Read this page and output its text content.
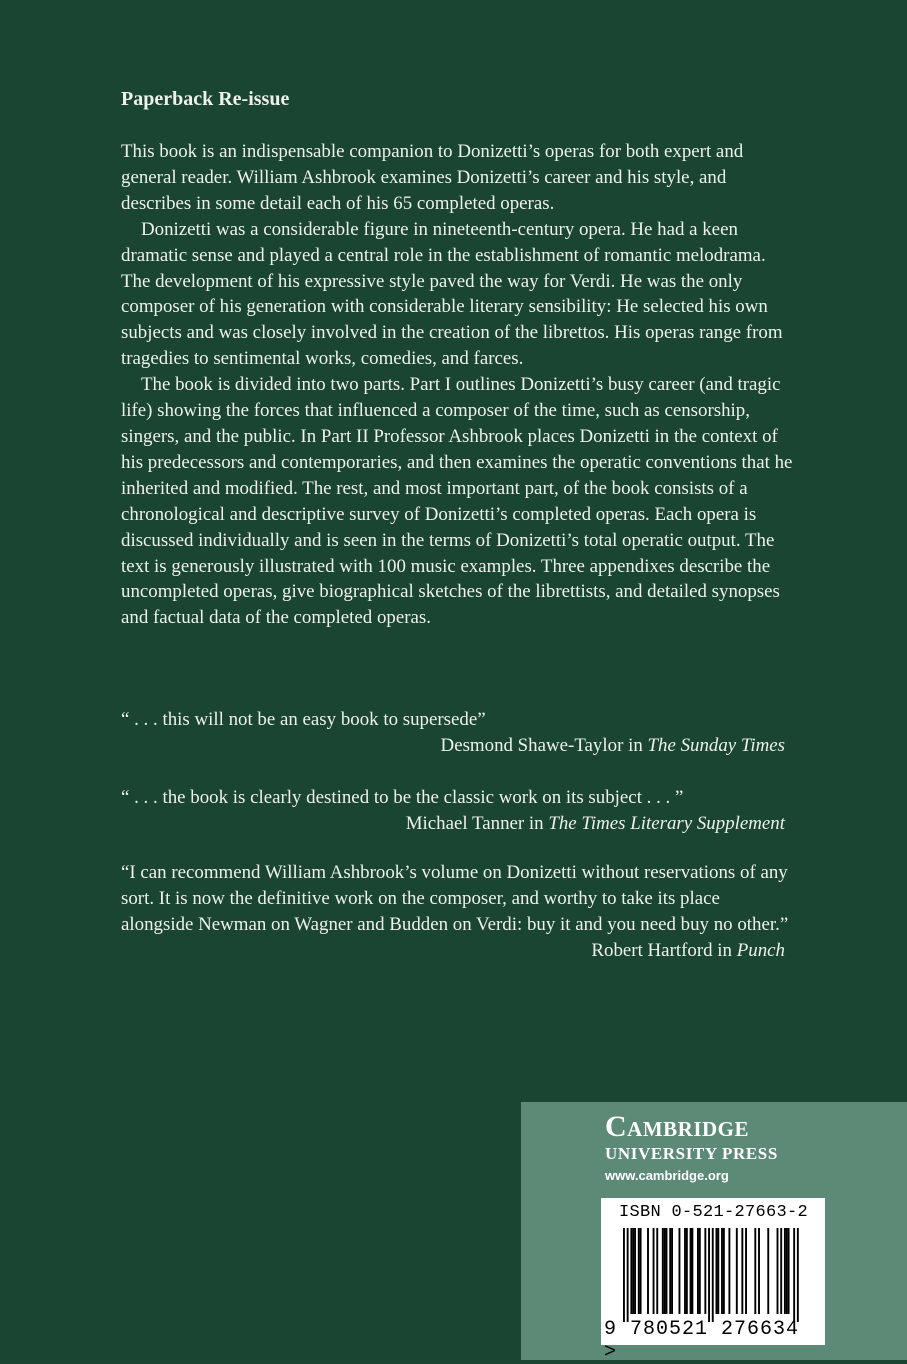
Paperback Re-issue

This book is an indispensable companion to Donizetti’s operas for both expert and general reader. William Ashbrook examines Donizetti’s career and his style, and describes in some detail each of his 65 completed operas.

Donizetti was a considerable figure in nineteenth-century opera. He had a keen dramatic sense and played a central role in the establishment of romantic melodrama. The development of his expressive style paved the way for Verdi. He was the only composer of his generation with considerable literary sensibility: He selected his own subjects and was closely involved in the creation of the librettos. His operas range from tragedies to sentimental works, comedies, and farces.

The book is divided into two parts. Part I outlines Donizetti’s busy career (and tragic life) showing the forces that influenced a composer of the time, such as censorship, singers, and the public. In Part II Professor Ashbrook places Donizetti in the context of his predecessors and contemporaries, and then examines the operatic conventions that he inherited and modified. The rest, and most important part, of the book consists of a chronological and descriptive survey of Donizetti’s completed operas. Each opera is discussed individually and is seen in the terms of Donizetti’s total operatic output. The text is generously illustrated with 100 music examples. Three appendixes describe the uncompleted operas, give biographical sketches of the librettists, and detailed synopses and factual data of the completed operas.

“ . . . this will not be an easy book to supersede”
Desmond Shawe-Taylor in The Sunday Times
“ . . . the book is clearly destined to be the classic work on its subject . . . ”
Michael Tanner in The Times Literary Supplement
“I can recommend William Ashbrook’s volume on Donizetti without reservations of any sort. It is now the definitive work on the composer, and worthy to take its place alongside Newman on Wagner and Budden on Verdi: buy it and you need buy no other.”
Robert Hartford in Punch
Cambridge
UNIVERSITY PRESS
www.cambridge.org
ISBN 0-521-27663-2
9 780521 276634 >
